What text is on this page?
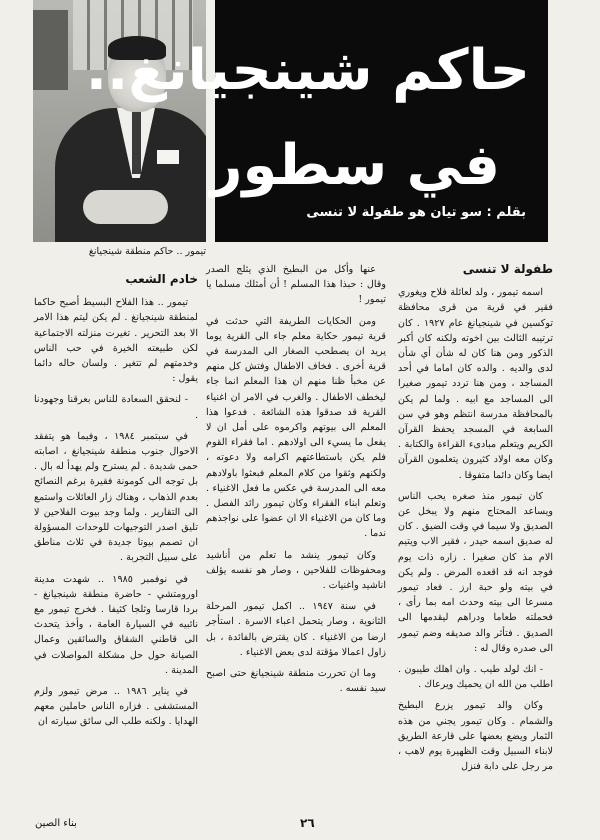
تيمور .. حاكم منطقة شينجيانغ
حاكم شينجيانغ..
في سطور
بقلم : سو تيان هو طفولة لا تنسى

طفولة لا تنسى

اسمه تيمور ، ولد لعائلة فلاح ويغوري فقير في قرية من قرى محافظة توكسين في شينجيانغ عام ١٩٢٧ . كان ترتيبه الثالث بين اخوته ولكنه كان أكبر الذكور ومن هنا كان له شأن أي شأن لدى والديه . والده كان اماما في أحد المساجد ، ومن هنا تردد تيمور صغيرا الى المساجد مع ابيه . ولما لم يكن بالمحافظة مدرسة انتظم وهو في سن السابعة في المسجد يحفظ القرآن الكريم ويتعلم مبادىء القراءة والكتابة . وكان معه اولاد كثيرون يتعلمون القرآن ايضا وكان دائما متفوقا .

كان تيمور منذ صغره يحب الناس ويساعد المحتاج منهم ولا يبخل عن الصديق ولا سيما في وقت الضيق . كان له صديق اسمه حيدر ، فقير الاب ويتيم الام مذ كان صغيرا . زاره ذات يوم فوجد انه قد اقعده المرض . ولم يكن في بيته ولو حبة ارز . فعاد تيمور مسرعا الى بيته وحدث امه بما رأى ، فحملته طعاما ودراهم ليقدمها الى الصديق . فتأثر والد صديقه وضم تيمور الى صدره وقال له :

- انك لولد طيب . وان اهلك طيبون . اطلب من الله ان يحميك ويرعاك .

وكان والد تيمور يزرع البطيخ والشمام . وكان تيمور يجني من هذه الثمار ويضع بعضها على قارعة الطريق لابناء السبيل وقت الظهيرة يوم لاهب ، مر رجل على دابة فنزل

عنها وأكل من البطيخ الذي يثلج الصدر وقال : حبذا هذا المسلم ! أن أمثلك مسلما يا تيمور !

ومن الحكايات الطريفة التي حدثت في قرية تيمور حكاية معلم جاء الى القرية يوما يريد ان يصطحب الصغار الى المدرسة في قرية أخرى . فخاف الاطفال وفتش كل منهم عن مخبأ ظنا منهم ان هذا المعلم انما جاء ليخطف الاطفال . والغرب في الامر ان اغنياء القرية قد صدقوا هذه الشائعة . فدعوا هذا المعلم الى بيوتهم واكرموه على أمل ان لا يفعل ما يسيء الى اولادهم . اما فقراء القوم فلم يكن باستطاعتهم اكرامه ولا دعوته ، ولكنهم وثقوا من كلام المعلم فبعثوا باولادهم معه الى المدرسة في عكس ما فعل الاغنياء . وتعلم ابناء الفقراء وكان تيمور رائد الفصل . وما كان من الاغنياء الا ان عضوا على نواجذهم ندما .

وكان تيمور ينشد ما تعلم من أناشيد ومحفوظات للفلاحين ، وصار هو نفسه يؤلف اناشيد واغنيات .

في سنة ١٩٤٧ .. اكمل تيمور المرحلة الثانوية ، وصار يتحمل اعباء الاسرة . استأجر ارضا من الاغنياء . كان يقترض بالفائدة ، بل زاول اعمالا مؤقتة لدى بعض الاغنياء .

وما ان تحررت منطقة شينجيانغ حتى اصبح سيد نفسه .

خادم الشعب

تيمور .. هذا الفلاح البسيط أصبح حاكما لمنطقة شينجيانغ . لم يكن ليتم هذا الامر الا بعد التحرير . تغيرت منزلته الاجتماعية لكن طبيعته الخيرة في حب الناس وخدمتهم لم تتغير . ولسان حاله دائما يقول :

- لنحقق السعادة للناس بعرقنا وجهودنا .

في سبتمبر ١٩٨٤ ، وفيما هو يتفقد الاحوال جنوب منطقة شينجيانغ ، اصابته حمى شديدة . لم يسترح ولم يهدأ له بال . بل توجه الى كومونة فقيرة برغم النصائح بعدم الذهاب ، وهناك زار العائلات واستمع الى التقارير . ولما وجد بيوت الفلاحين لا تليق اصدر التوجيهات للوحدات المسؤولة ان تصمم بيوتا جديدة في ثلاث مناطق على سبيل التجربة .

في نوفمبر ١٩٨٥ .. شهدت مدينة اورومتشي - حاضرة منطقة شينجيانغ - بردا قارسا وثلجا كثيفا . فخرج تيمور مع نائبيه في السيارة العامة ، وأخذ يتحدث الى قاطني الشقاق والسائقين وعمال الصيانة حول حل مشكلة المواصلات في المدينة .

في يناير ١٩٨٦ .. مرض تيمور ولزم المستشفى . فزاره الناس حاملين معهم الهدايا . ولكنه طلب الى سائق سيارته ان

٢٦
بناء الصين
